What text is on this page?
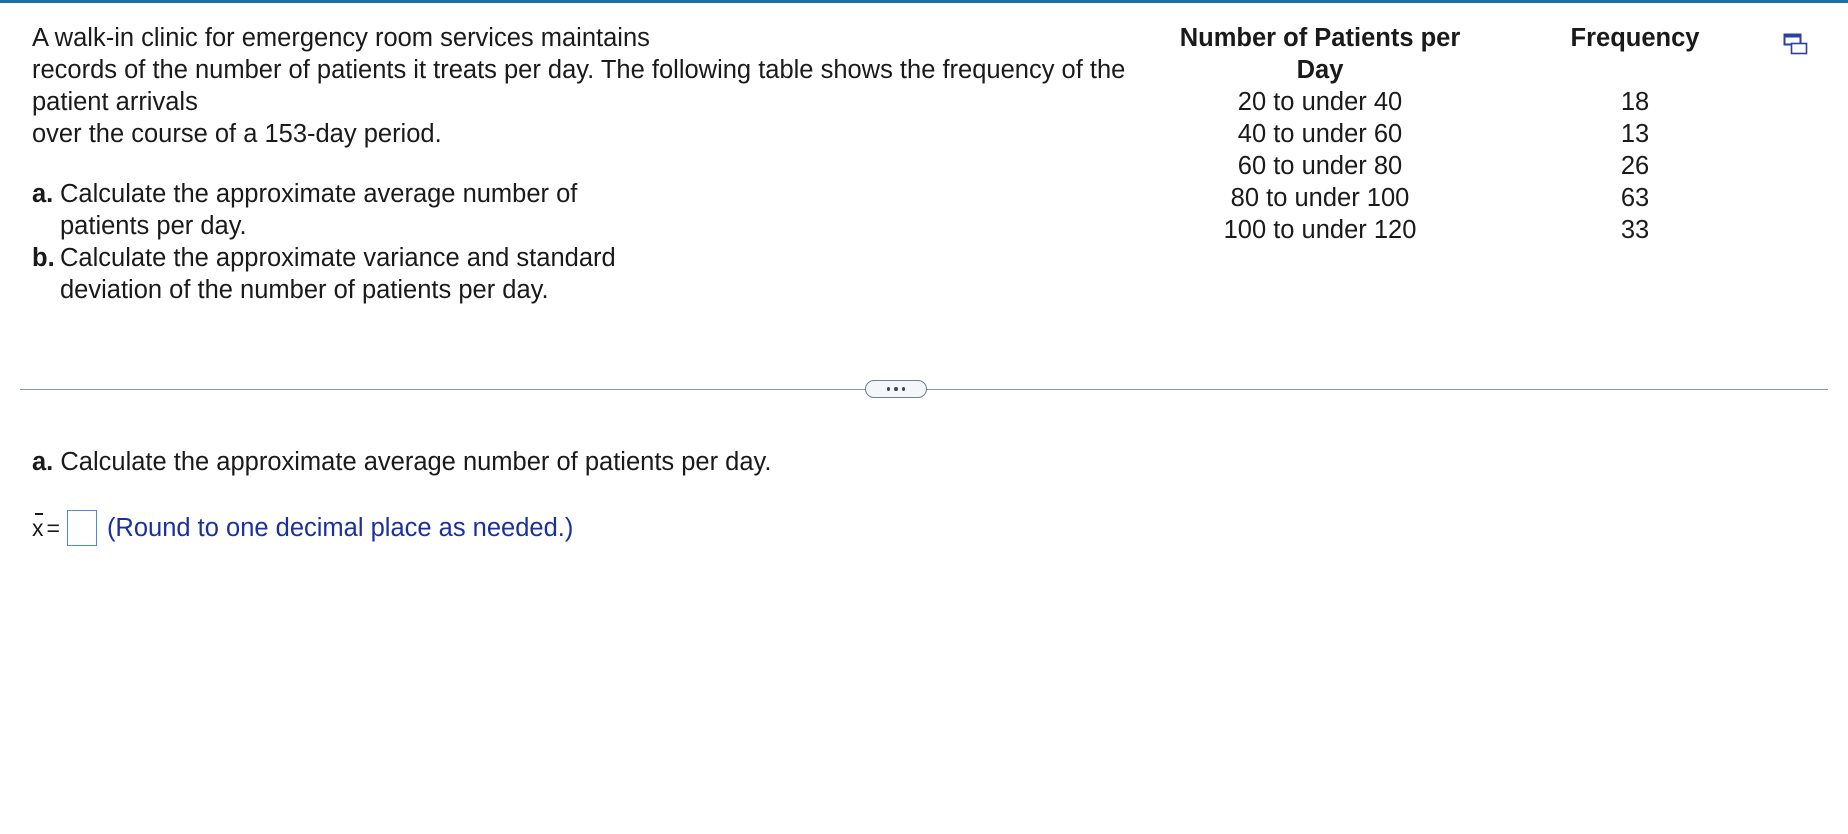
A walk-in clinic for emergency room services maintains

records of the number of patients it treats per day. The following table shows the frequency of the

patient arrivals

over the course of a 153-day period.

a. Calculate the approximate average number of
patients per day.
b. Calculate the approximate variance and standard
deviation of the number of patients per day.
Number of Patients per
Day	Frequency
20 to under 40	18
40 to under 60	13
60 to under 80	26
80 to under 100	63
100 to under 120	33
a. Calculate the approximate average number of patients per day.
x = (Round to one decimal place as needed.)
